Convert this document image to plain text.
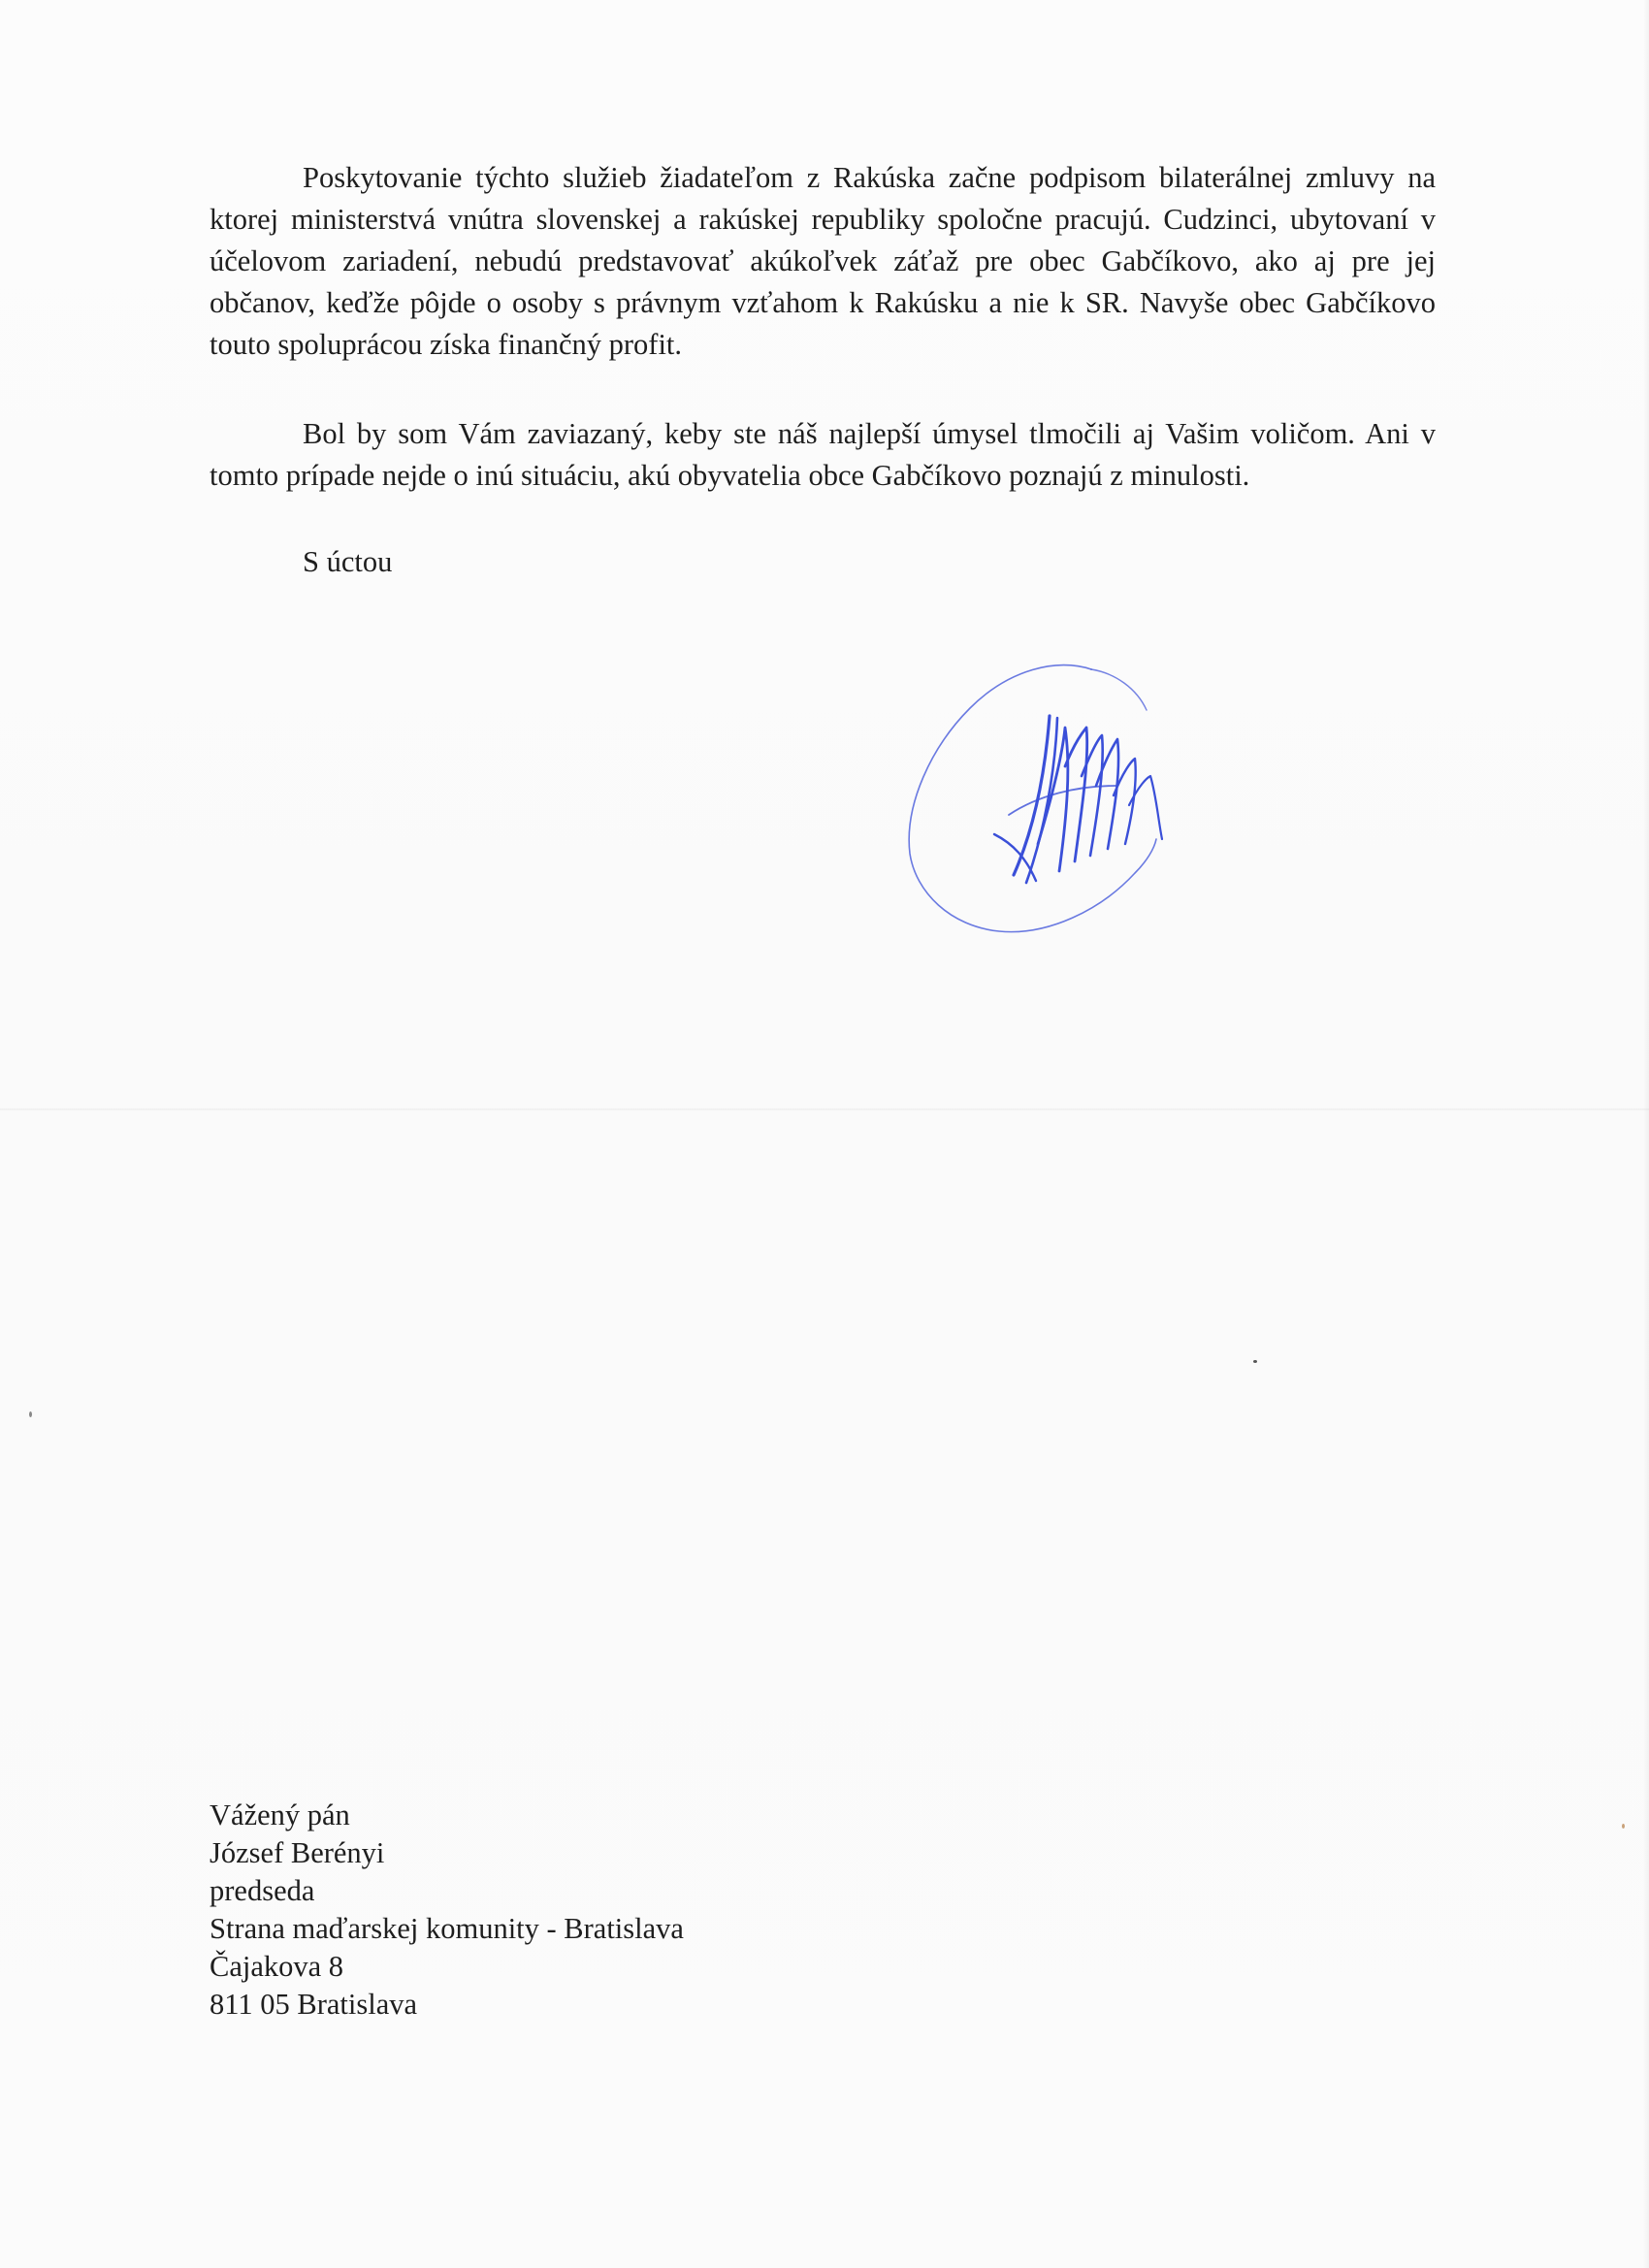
Poskytovanie týchto služieb žiadateľom z Rakúska začne podpisom bilaterálnej zmluvy na ktorej ministerstvá vnútra slovenskej a rakúskej republiky spoločne pracujú. Cudzinci, ubytovaní v účelovom zariadení, nebudú predstavovať akúkoľvek záťaž pre obec Gabčíkovo, ako aj pre jej občanov, keďže pôjde o osoby s právnym vzťahom k Rakúsku a nie k SR. Navyše obec Gabčíkovo touto spoluprácou získa finančný profit.

Bol by som Vám zaviazaný, keby ste náš najlepší úmysel tlmočili aj Vašim voličom. Ani v tomto prípade nejde o inú situáciu, akú obyvatelia obce Gabčíkovo poznajú z minulosti.

S úctou

Vážený pán
József Berényi
predseda
Strana maďarskej komunity - Bratislava
Čajakova 8
811 05 Bratislava
